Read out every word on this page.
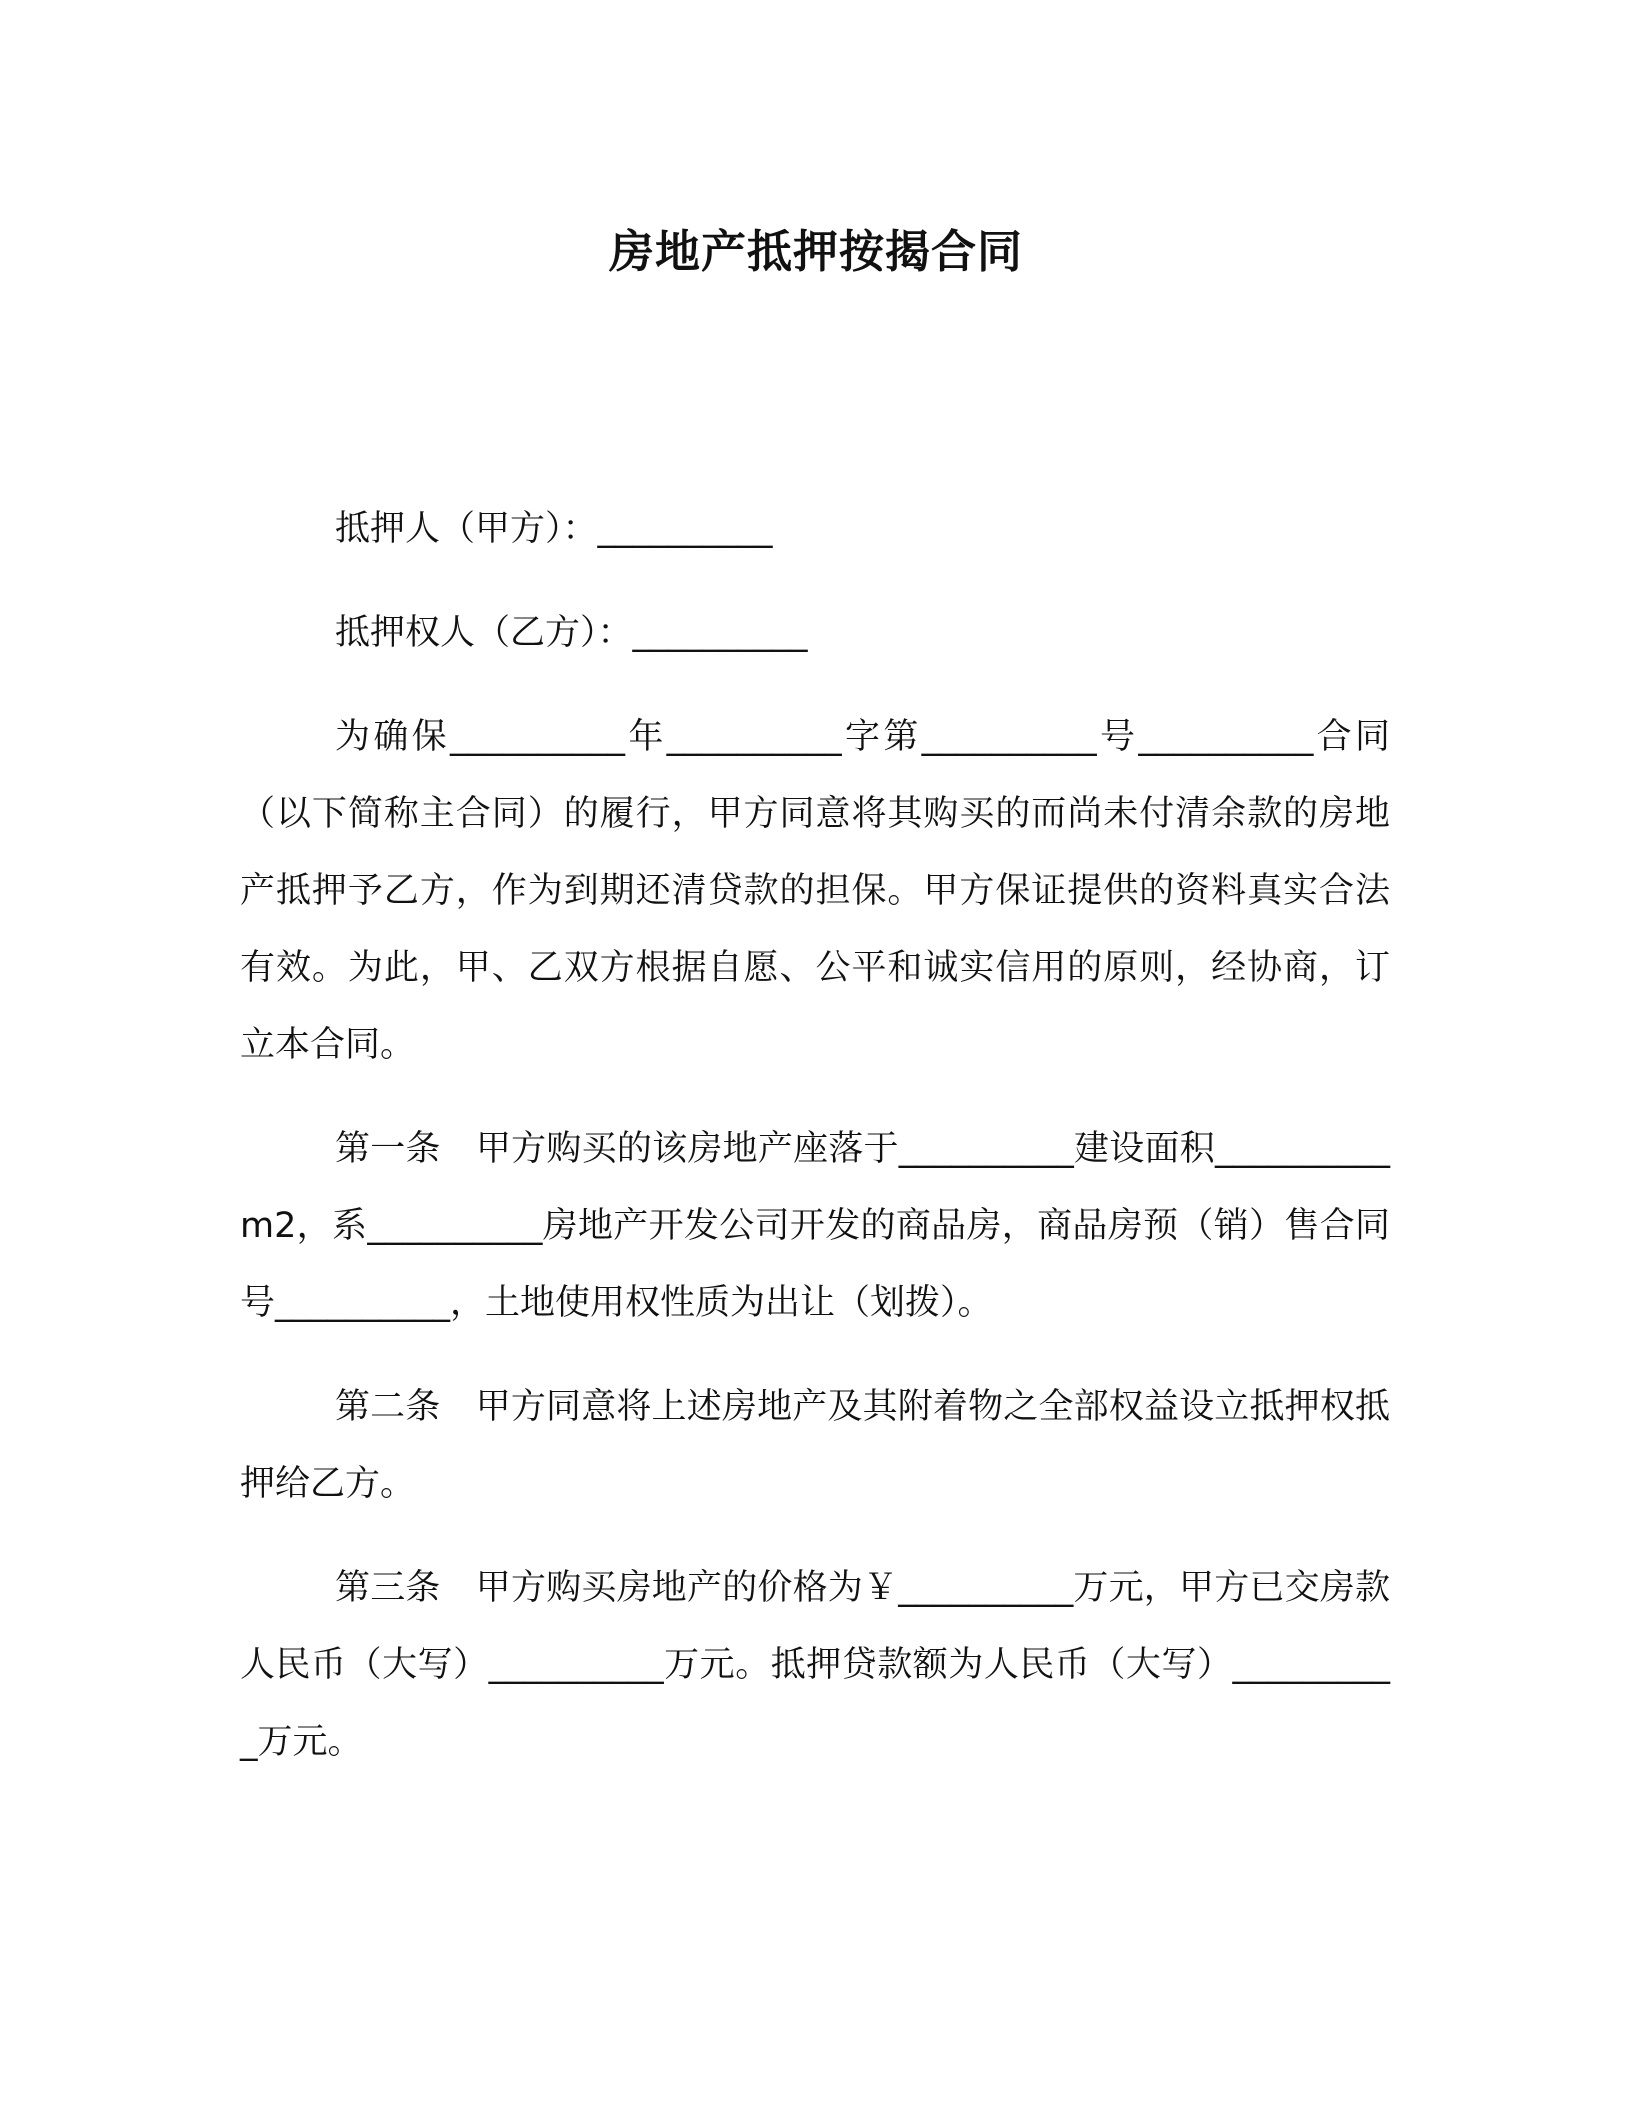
房地产抵押按揭合同

抵押人（甲方）：__________

抵押权人（乙方）：__________

为确保__________年__________字第__________号__________合同（以下简称主合同）的履行，甲方同意将其购买的而尚未付清余款的房地产抵押予乙方，作为到期还清贷款的担保。甲方保证提供的资料真实合法有效。为此，甲、乙双方根据自愿、公平和诚实信用的原则，经协商，订立本合同。

第一条　甲方购买的该房地产座落于__________建设面积__________m2，系__________房地产开发公司开发的商品房，商品房预（销）售合同号__________，土地使用权性质为出让（划拨）。

第二条　甲方同意将上述房地产及其附着物之全部权益设立抵押权抵押给乙方。

第三条　甲方购买房地产的价格为￥__________万元，甲方已交房款人民币（大写）__________万元。抵押贷款额为人民币（大写）__________万元。
